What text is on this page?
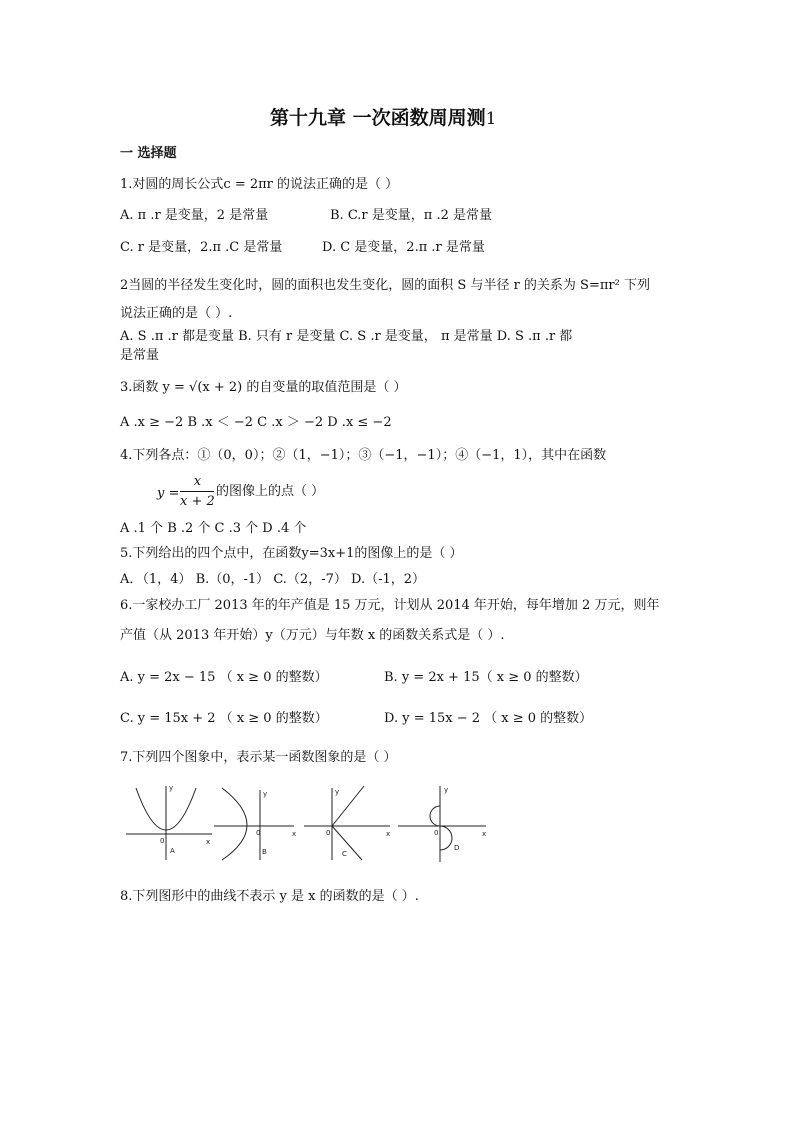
第十九章 一次函数周周测1
一 选择题
1.对圆的周长公式c = 2πr 的说法正确的是（ ）
A. π .r 是变量，2 是常量	B. C.r 是变量，π .2 是常量
C. r 是变量，2.π .C 是常量	D. C 是变量，2.π .r 是常量
2当圆的半径发生变化时，圆的面积也发生变化，圆的面积 S 与半径 r 的关系为 S=πr² 下列
说法正确的是（ ）.
A. S .π .r 都是变量 B. 只有 r 是变量 C. S .r 是变量， π 是常量 D. S .π .r 都
是常量
3.函数 y = √(x + 2) 的自变量的取值范围是（ ）
A .x ≥ −2 B .x ＜ −2 C .x ＞ −2 D .x ≤ −2
4.下列各点：①（0，0）；②（1，−1）；③（−1，−1）；④（−1，1），其中在函数
y =
x
x + 2
的图像上的点（ ）
A .1 个 B .2 个 C .3 个 D .4 个
5.下列给出的四个点中，在函数y=3x+1的图像上的是（ ）
A．（1，4） B.（0，-1） C.（2，-7） D.（-1，2）
6.一家校办工厂 2013 年的年产值是 15 万元，计划从 2014 年开始，每年增加 2 万元，则年
产值（从 2013 年开始）y（万元）与年数 x 的函数关系式是（ ）.
A. y = 2x − 15 （ x ≥ 0 的整数）	B. y = 2x + 15（ x ≥ 0 的整数）
C. y = 15x + 2 （ x ≥ 0 的整数）	D. y = 15x − 2 （ x ≥ 0 的整数）
7.下列四个图象中，表示某一函数图象的是（ ）
y
x
0
A
y
x
0
B
y
x
0
C
y
x
0
D
8.下列图形中的曲线不表示 y 是 x 的函数的是（ ）.
